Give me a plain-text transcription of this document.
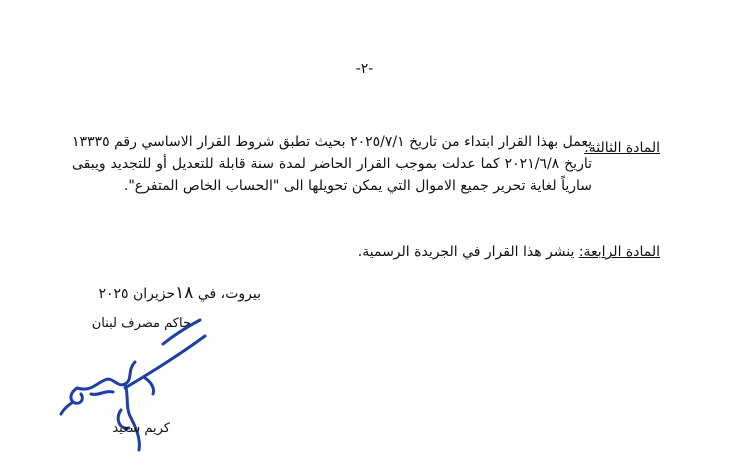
-٢-
المادة الثالثة:
يعمل بهذا القرار ابتداء من تاريخ ٢٠٢٥/٧/١ بحيث تطبق شروط القرار الاساسي رقم ١٣٣٣٥ تاريخ ٢٠٢١/٦/٨ كما عدلت بموجب القرار الحاضر لمدة سنة قابلة للتعديل أو للتجديد ويبقى سارياً لغاية تحرير جميع الاموال التي يمكن تحويلها الى "الحساب الخاص المتفرع".
المادة الرابعة: ينشر هذا القرار في الجريدة الرسمية.
بيروت، في ١٨حزيران ٢٠٢٥
حاكم مصرف لبنان
كريم سعيد
